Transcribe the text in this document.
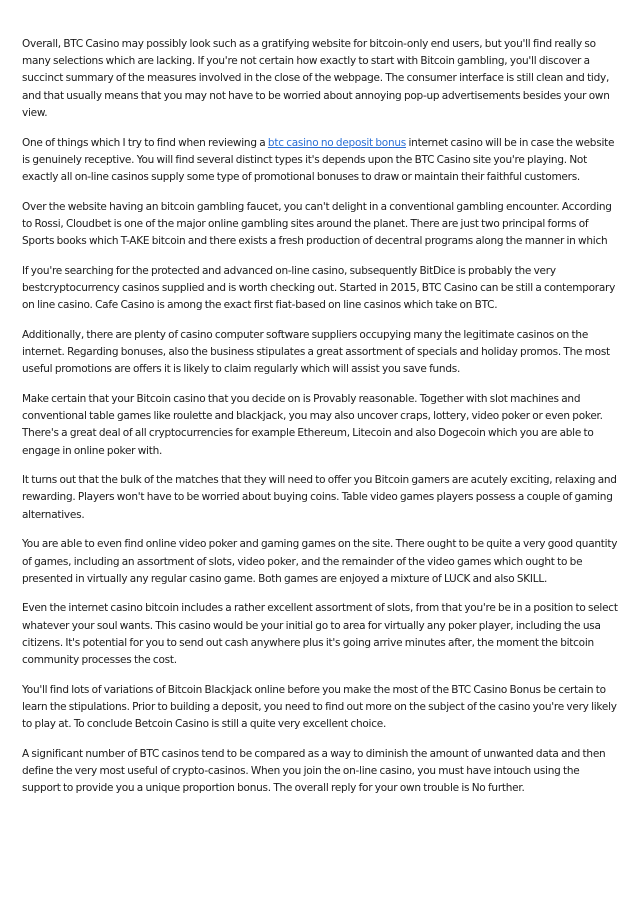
Overall, BTC Casino may possibly look such as a gratifying website for bitcoin-only end users, but you'll find really so many selections which are lacking. If you're not certain how exactly to start with Bitcoin gambling, you'll discover a succinct summary of the measures involved in the close of the webpage. The consumer interface is still clean and tidy, and that usually means that you may not have to be worried about annoying pop-up advertisements besides your own view.

One of things which I try to find when reviewing a btc casino no deposit bonus internet casino will be in case the website is genuinely receptive. You will find several distinct types it's depends upon the BTC Casino site you're playing. Not exactly all on-line casinos supply some type of promotional bonuses to draw or maintain their faithful customers.

Over the website having an bitcoin gambling faucet, you can't delight in a conventional gambling encounter. According to Rossi, Cloudbet is one of the major online gambling sites around the planet. There are just two principal forms of Sports books which T-AKE bitcoin and there exists a fresh production of decentral programs along the manner in which

If you're searching for the protected and advanced on-line casino, subsequently BitDice is probably the very bestcryptocurrency casinos supplied and is worth checking out. Started in 2015, BTC Casino can be still a contemporary on line casino. Cafe Casino is among the exact first fiat-based on line casinos which take on BTC.

Additionally, there are plenty of casino computer software suppliers occupying many the legitimate casinos on the internet. Regarding bonuses, also the business stipulates a great assortment of specials and holiday promos. The most useful promotions are offers it is likely to claim regularly which will assist you save funds.

Make certain that your Bitcoin casino that you decide on is Provably reasonable. Together with slot machines and conventional table games like roulette and blackjack, you may also uncover craps, lottery, video poker or even poker. There's a great deal of all cryptocurrencies for example Ethereum, Litecoin and also Dogecoin which you are able to engage in online poker with.

It turns out that the bulk of the matches that they will need to offer you Bitcoin gamers are acutely exciting, relaxing and rewarding. Players won't have to be worried about buying coins. Table video games players possess a couple of gaming alternatives.

You are able to even find online video poker and gaming games on the site. There ought to be quite a very good quantity of games, including an assortment of slots, video poker, and the remainder of the video games which ought to be presented in virtually any regular casino game. Both games are enjoyed a mixture of LUCK and also SKILL.

Even the internet casino bitcoin includes a rather excellent assortment of slots, from that you're be in a position to select whatever your soul wants. This casino would be your initial go to area for virtually any poker player, including the usa citizens. It's potential for you to send out cash anywhere plus it's going arrive minutes after, the moment the bitcoin community processes the cost.

You'll find lots of variations of Bitcoin Blackjack online before you make the most of the BTC Casino Bonus be certain to learn the stipulations. Prior to building a deposit, you need to find out more on the subject of the casino you're very likely to play at. To conclude Betcoin Casino is still a quite very excellent choice.

A significant number of BTC casinos tend to be compared as a way to diminish the amount of unwanted data and then define the very most useful of crypto-casinos. When you join the on-line casino, you must have intouch using the support to provide you a unique proportion bonus. The overall reply for your own trouble is No further.
